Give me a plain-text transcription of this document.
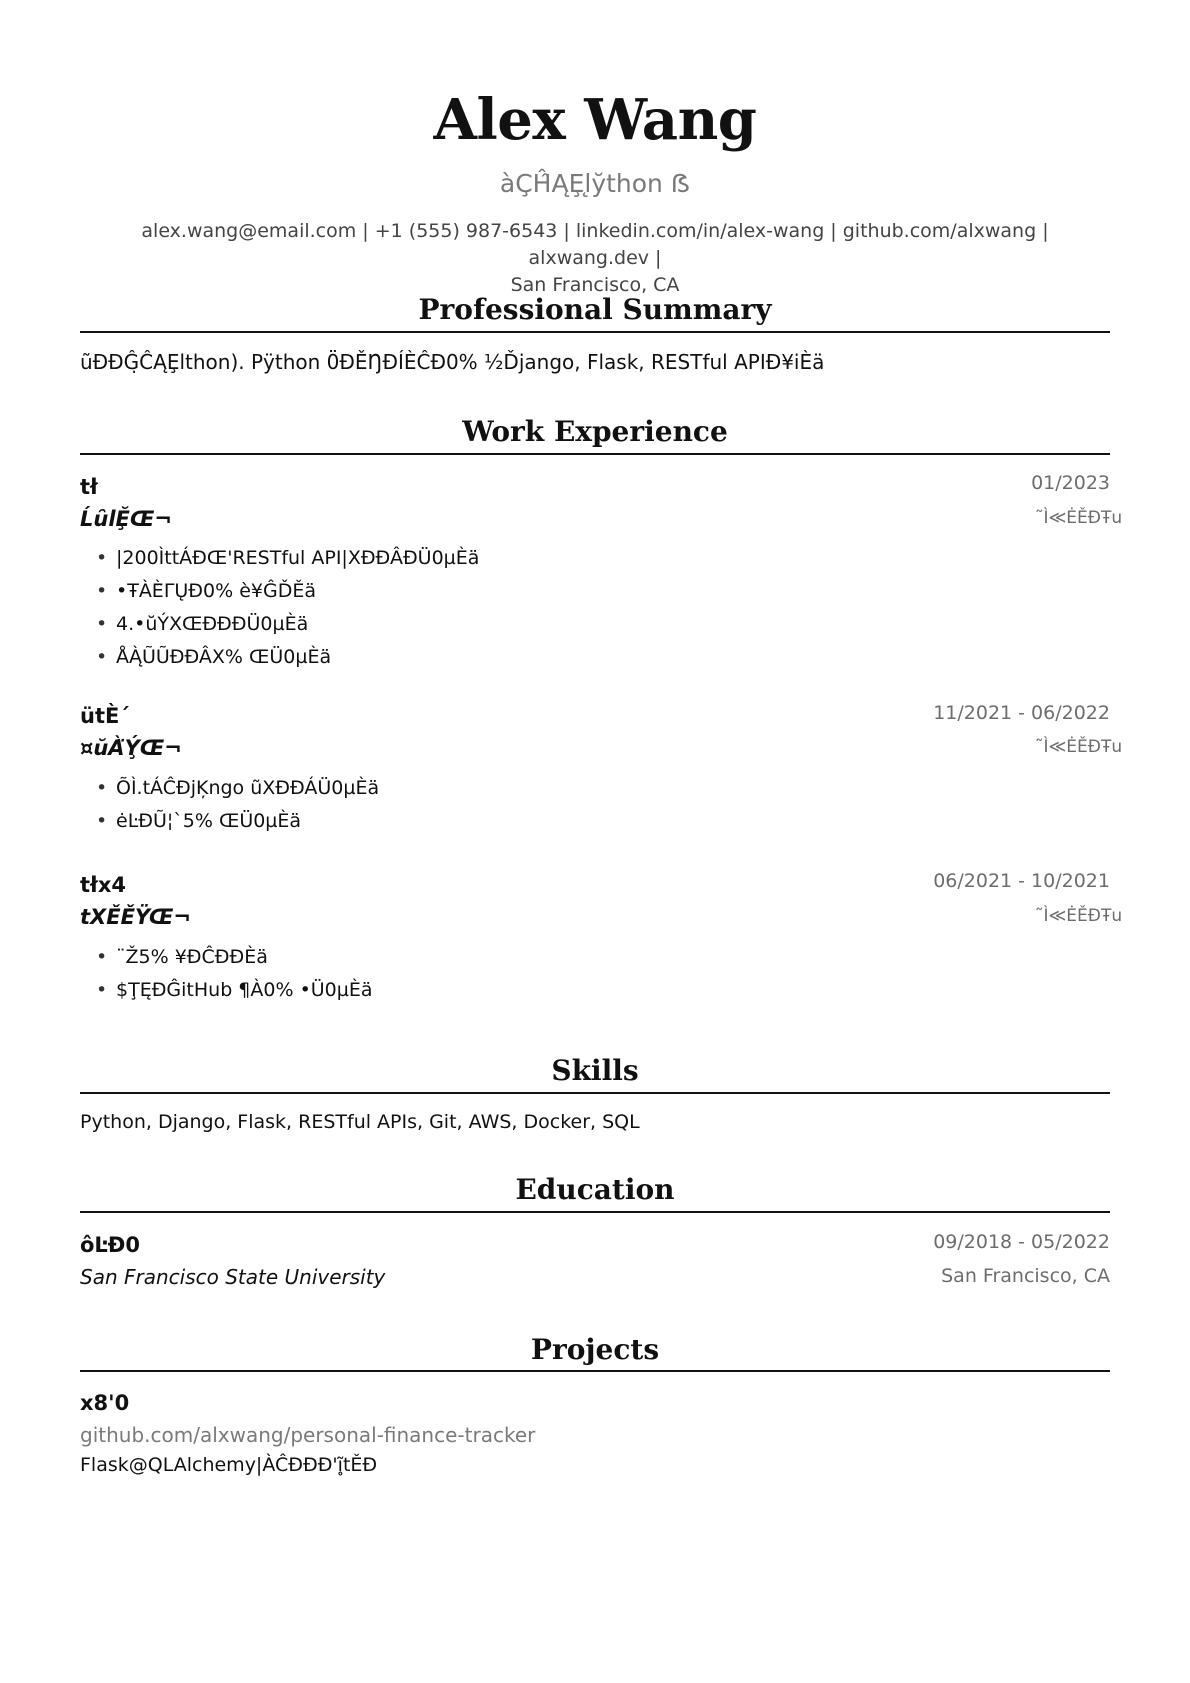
Alex Wang
àÇĤ̂ĄȨl̨y̆thon ẞ
alex.wang@email.com | +1 (555) 987-6543 | linkedin.com/in/alex-wang | github.com/alxwang | alxwang.dev |
San Francisco, CA
Professional Summary
ũĐĐĜ̣ĈĄȨlthon). Pÿthon 0̈ĐĚŊĐÍÈĈĐ0% ½Ďjango, Flask, RESTful APIĐ¥iÈä
Work Experience
tł	01/2023
ĹȗlḜŒ¬	˜Ì≪ĖĚĐŦu
• |200ÌttÁÐŒ'RESTful API|XĐĐÂÐÜ0µÈä
• •ŦÀÈ̈ΓŲĐ0% è¥ĜĎĚä
• 4.•ŭÝXŒĐÐĐÜ0µÈä
• ÅĄ̀ŨŨĐĐÂX% ŒÜ0µÈä
ütÈ´	11/2021 - 06/2022
¤ŭÀ̈Ý̧Œ¬	˜Ì≪ĖĚĐŦu
• ÕÌ.tÁĈĐjĶngo ũXĐĐÁÜ0µÈä
• ėĿĐŨ¦`5% ŒÜ0µÈä
tłx4	06/2021 - 10/2021
tXĚĚ̃ŸŒ¬	˜Ì≪ĖĚĐŦu
• ¨Ž5% ¥ĐĈĐĐÈä
• $ŢĘĐĜitHub ¶À0% •Ü0µÈä
Skills
Python, Django, Flask, RESTful APIs, Git, AWS, Docker, SQL
Education
ôĿĐ0	09/2018 - 05/2022
San Francisco State University	San Francisco, CA
Projects
x8'0
github.com/alxwang/personal-finance-tracker
Flask@QLAlchemy|ÀĈĐĐĐ'ĩ̥tĚĐ
